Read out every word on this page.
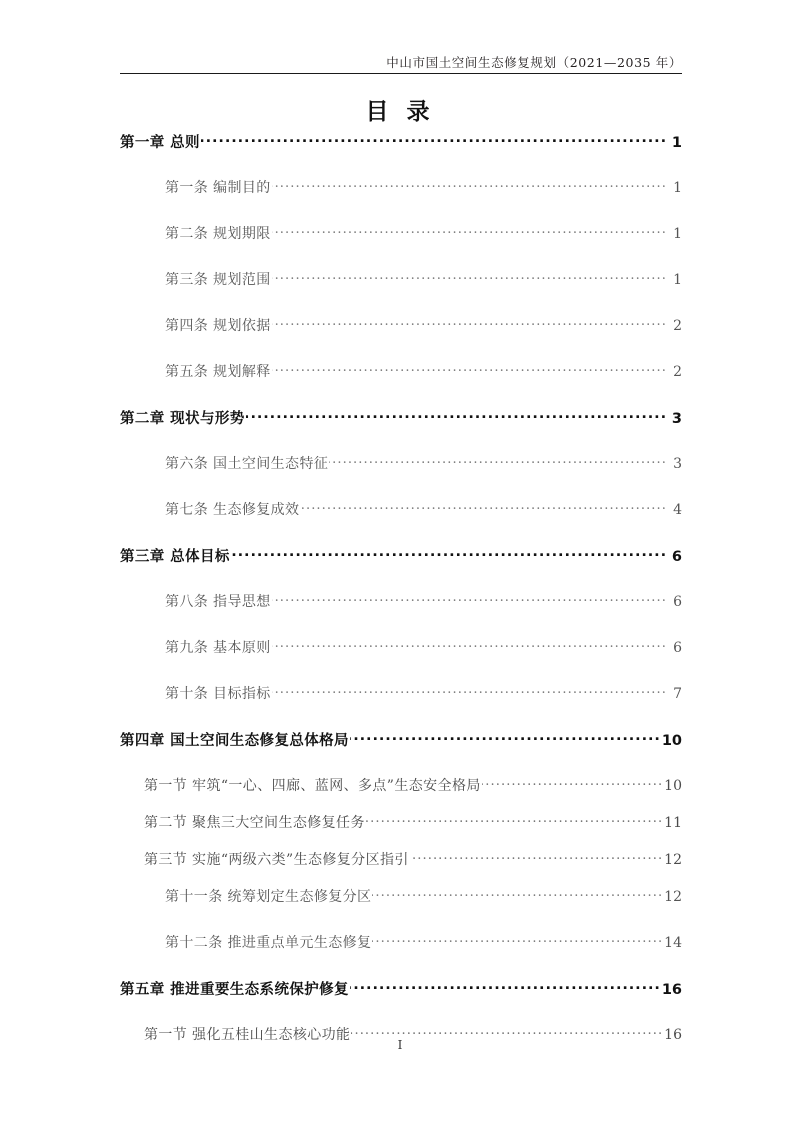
中山市国土空间生态修复规划（2021—2035 年）
目 录
第一章 总则 .....	1
第一条 编制目的 .....	1
第二条 规划期限 .....	1
第三条 规划范围 .....	1
第四条 规划依据 .....	2
第五条 规划解释 .....	2
第二章 现状与形势 .....	3
第六条 国土空间生态特征 .....	3
第七条 生态修复成效 .....	4
第三章 总体目标 .....	6
第八条 指导思想 .....	6
第九条 基本原则 .....	6
第十条 目标指标 .....	7
第四章 国土空间生态修复总体格局 .....	10
第一节 牢筑“一心、四廊、蓝网、多点”生态安全格局 .....	10
第二节 聚焦三大空间生态修复任务 .....	11
第三节 实施“两级六类”生态修复分区指引 .....	12
第十一条 统筹划定生态修复分区 .....	12
第十二条 推进重点单元生态修复 .....	14
第五章 推进重要生态系统保护修复 .....	16
第一节 强化五桂山生态核心功能 .....	16
I
